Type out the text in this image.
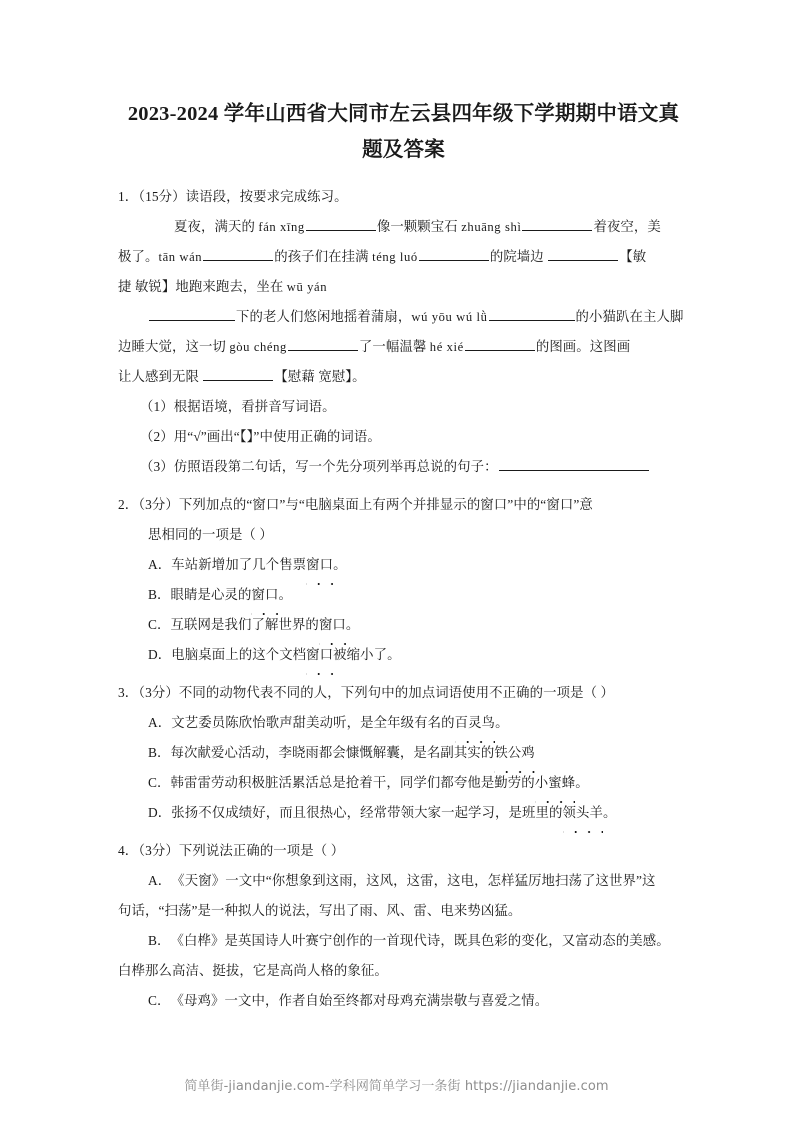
2023-2024 学年山西省大同市左云县四年级下学期期中语文真题及答案
1．（15分）读语段，按要求完成练习。
夏夜，满天的 fán xīng	像一颗颗宝石 zhuāng shì	着夜空，美
极了。tān wán	的孩子们在挂满 téng luó	的院墙边	【敏
捷 敏锐】地跑来跑去，坐在 wū yán
下的老人们悠闲地摇着蒲扇，wú yōu wú lǜ	的小猫趴在主人脚
边睡大觉，这一切 gòu chéng	了一幅温馨 hé xié	的图画。这图画
让人感到无限	【慰藉 宽慰】。
（1）根据语境，看拼音写词语。
（2）用“√”画出“【】”中使用正确的词语。
（3）仿照语段第二句话，写一个先分项列举再总说的句子：
2．（3分）下列加点的“窗口”与“电脑桌面上有两个并排显示的窗口”中的“窗口”意
思相同的一项是（ ）
A．车站新增加了几个售票窗口。
B．眼睛是心灵的窗口。
C．互联网是我们了解世界的窗口。
D．电脑桌面上的这个文档窗口被缩小了。
3．（3分）不同的动物代表不同的人，下列句中的加点词语使用不正确的一项是（ ）
A．文艺委员陈欣怡歌声甜美动听，是全年级有名的百灵鸟。
B．每次献爱心活动，李晓雨都会慷慨解囊，是名副其实的铁公鸡
C．韩雷雷劳动积极脏活累活总是抢着干，同学们都夸他是勤劳的小蜜蜂。
D．张扬不仅成绩好，而且很热心，经常带领大家一起学习，是班里的领头羊。
4．（3分）下列说法正确的一项是（ ）
A．《天窗》一文中“你想象到这雨，这风，这雷，这电，怎样猛厉地扫荡了这世界”这
句话，“扫荡”是一种拟人的说法，写出了雨、风、雷、电来势凶猛。
B．《白桦》是英国诗人叶赛宁创作的一首现代诗，既具色彩的变化，又富动态的美感。
白桦那么高洁、挺拔，它是高尚人格的象征。
C．《母鸡》一文中，作者自始至终都对母鸡充满崇敬与喜爱之情。
简单街-jiandanjie.com-学科网简单学习一条街 https://jiandanjie.com
